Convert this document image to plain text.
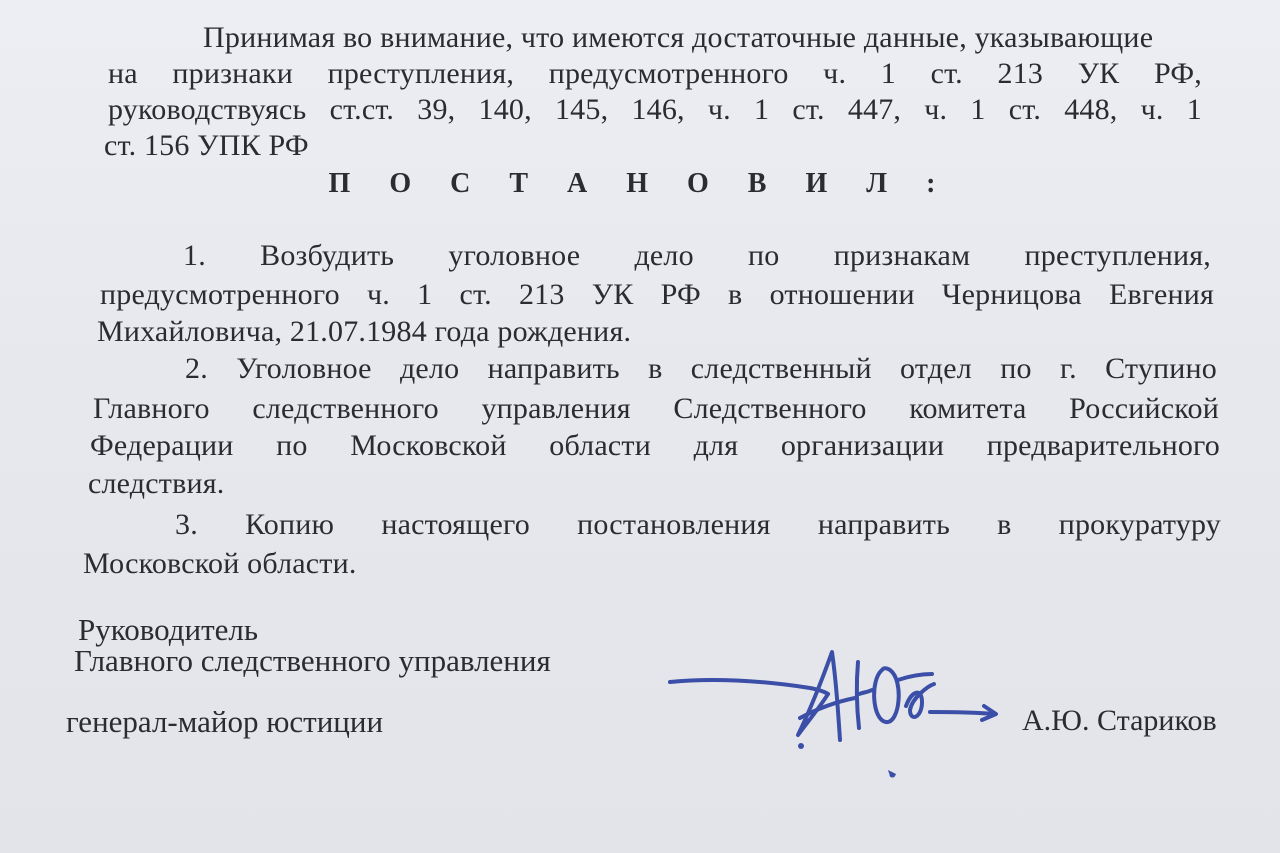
Принимая во внимание, что имеются достаточные данные, указывающие
на признаки преступления, предусмотренного ч. 1 ст. 213 УК РФ,
руководствуясь ст.ст. 39, 140, 145, 146, ч. 1 ст. 447, ч. 1 ст. 448, ч. 1
ст. 156 УПК РФ
П О С Т А Н О В И Л :
1. Возбудить уголовное дело по признакам преступления,
предусмотренного ч. 1 ст. 213 УК РФ в отношении Черницова Евгения
Михайловича, 21.07.1984 года рождения.
2. Уголовное дело направить в следственный отдел по г. Ступино
Главного следственного управления Следственного комитета Российской
Федерации по Московской области для организации предварительного
следствия.
3. Копию настоящего постановления направить в прокуратуру
Московской области.
Руководитель
Главного следственного управления
генерал-майор юстиции	А.Ю. Стариков
